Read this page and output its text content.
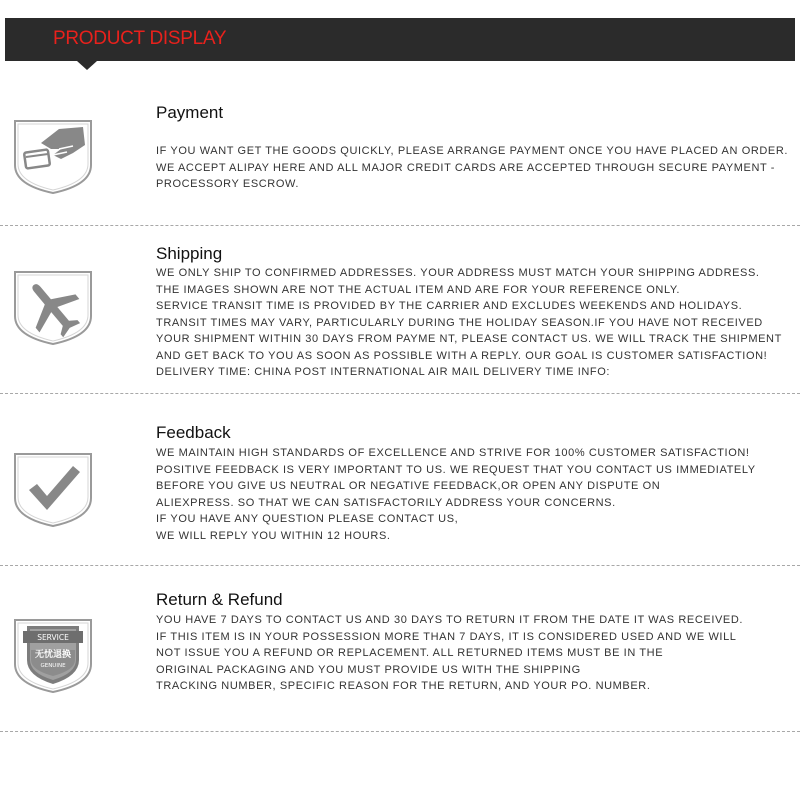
PRODUCT DISPLAY
Payment
IF YOU WANT GET THE GOODS QUICKLY, PLEASE ARRANGE PAYMENT ONCE YOU HAVE PLACED AN ORDER.
WE ACCEPT ALIPAY HERE AND ALL MAJOR CREDIT CARDS ARE ACCEPTED THROUGH SECURE PAYMENT -
PROCESSORY ESCROW.
Shipping
WE ONLY SHIP TO CONFIRMED ADDRESSES. YOUR ADDRESS MUST MATCH YOUR SHIPPING ADDRESS.
THE IMAGES SHOWN ARE NOT THE ACTUAL ITEM AND ARE FOR YOUR REFERENCE ONLY.
SERVICE TRANSIT TIME IS PROVIDED BY THE CARRIER AND EXCLUDES WEEKENDS AND HOLIDAYS.
TRANSIT TIMES MAY VARY, PARTICULARLY DURING THE HOLIDAY SEASON.IF YOU HAVE NOT RECEIVED
YOUR SHIPMENT WITHIN 30 DAYS FROM PAYME NT, PLEASE CONTACT US. WE WILL TRACK THE SHIPMENT
AND GET BACK TO YOU AS SOON AS POSSIBLE WITH A REPLY. OUR GOAL IS CUSTOMER SATISFACTION!
DELIVERY TIME: CHINA POST INTERNATIONAL AIR MAIL DELIVERY TIME INFO:
Feedback
WE MAINTAIN HIGH STANDARDS OF EXCELLENCE AND STRIVE FOR 100% CUSTOMER SATISFACTION!
POSITIVE FEEDBACK IS VERY IMPORTANT TO US. WE REQUEST THAT YOU CONTACT US IMMEDIATELY
BEFORE YOU GIVE US NEUTRAL OR NEGATIVE FEEDBACK,OR OPEN ANY DISPUTE ON
ALIEXPRESS. SO THAT WE CAN SATISFACTORILY ADDRESS YOUR CONCERNS.
IF YOU HAVE ANY QUESTION PLEASE CONTACT US,
WE WILL REPLY YOU WITHIN 12 HOURS.
SERVICE
无忧退换
GENUINE
Return & Refund
YOU HAVE 7 DAYS TO CONTACT US AND 30 DAYS TO RETURN IT FROM THE DATE IT WAS RECEIVED.
IF THIS ITEM IS IN YOUR POSSESSION MORE THAN 7 DAYS, IT IS CONSIDERED USED AND WE WILL
NOT ISSUE YOU A REFUND OR REPLACEMENT. ALL RETURNED ITEMS MUST BE IN THE
ORIGINAL PACKAGING AND YOU MUST PROVIDE US WITH THE SHIPPING
TRACKING NUMBER, SPECIFIC REASON FOR THE RETURN, AND YOUR PO. NUMBER.
